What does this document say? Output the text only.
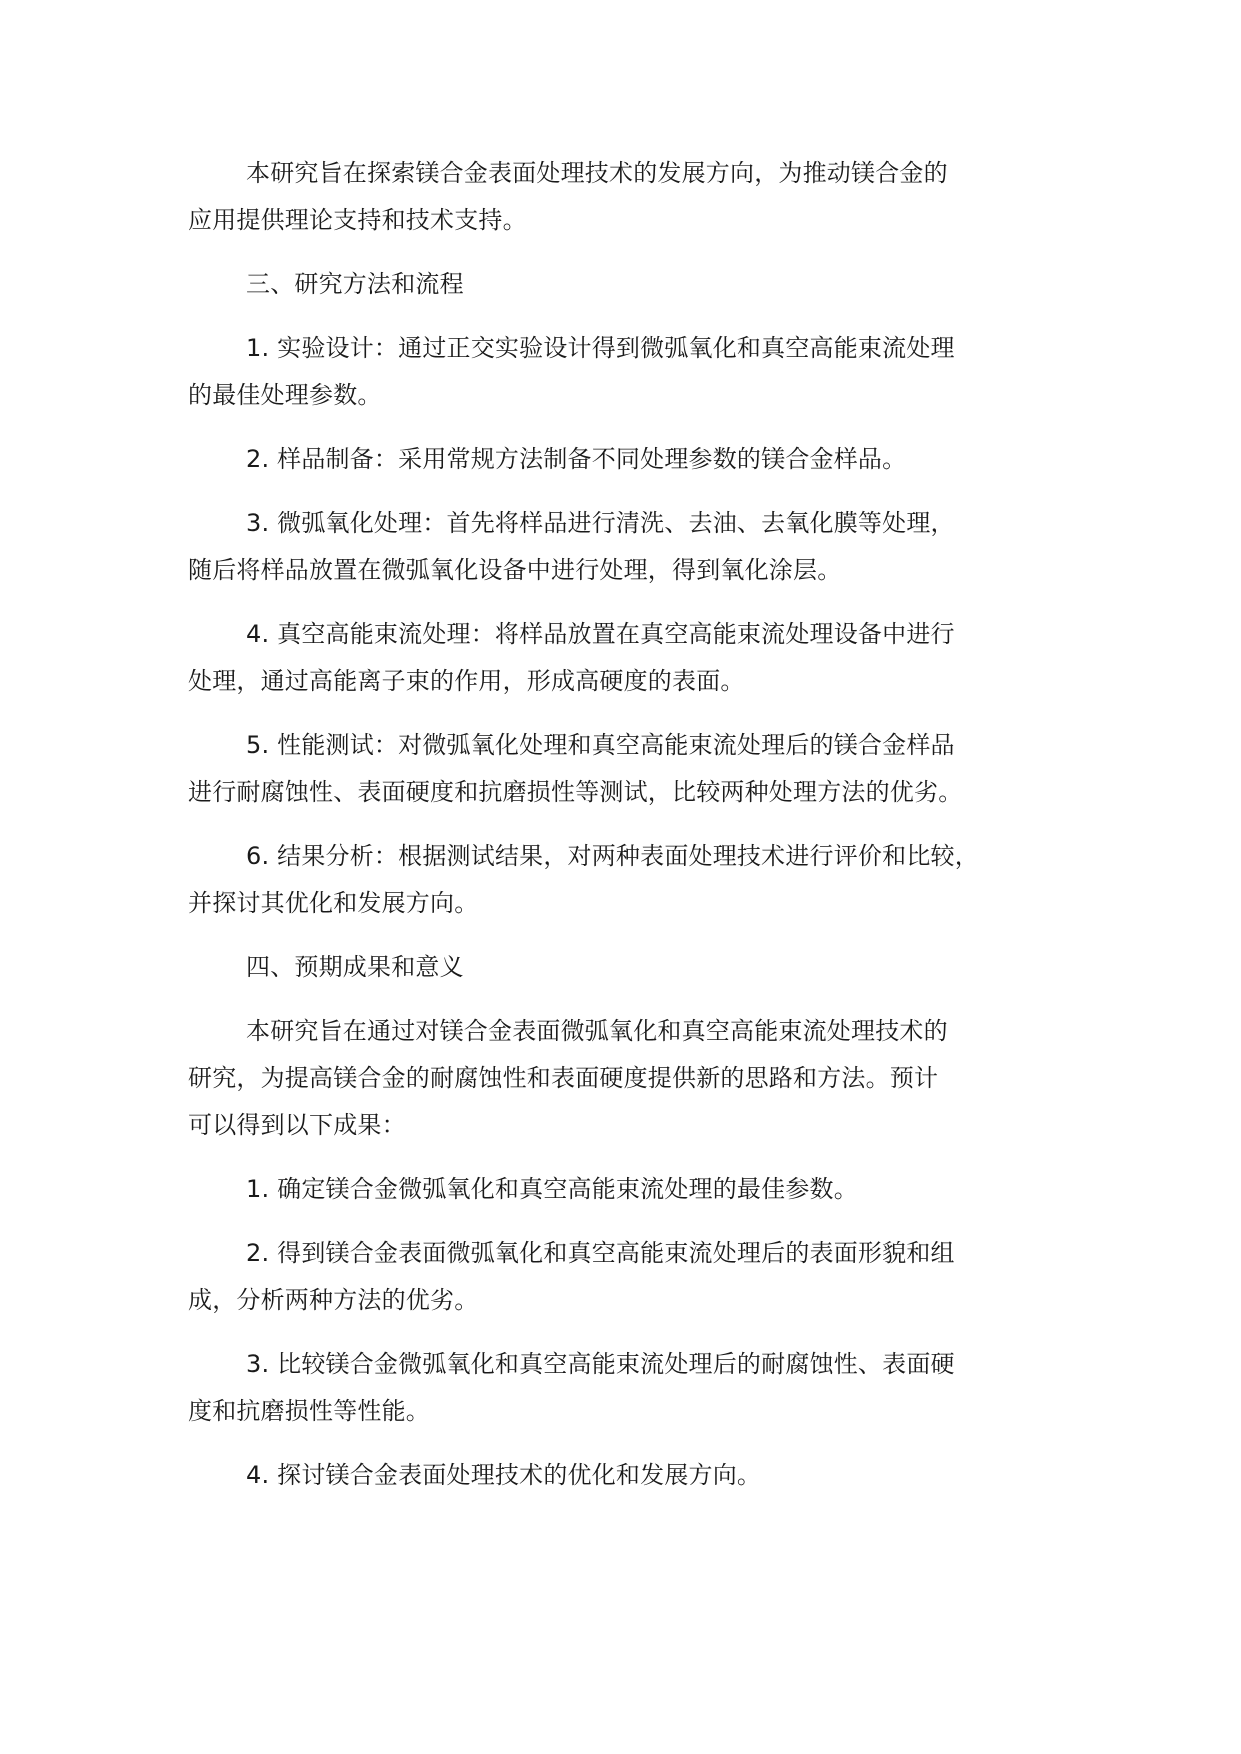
本研究旨在探索镁合金表面处理技术的发展方向，为推动镁合金的
应用提供理论支持和技术支持。

三、研究方法和流程

1. 实验设计：通过正交实验设计得到微弧氧化和真空高能束流处理
的最佳处理参数。

2. 样品制备：采用常规方法制备不同处理参数的镁合金样品。

3. 微弧氧化处理：首先将样品进行清洗、去油、去氧化膜等处理，
随后将样品放置在微弧氧化设备中进行处理，得到氧化涂层。

4. 真空高能束流处理：将样品放置在真空高能束流处理设备中进行
处理，通过高能离子束的作用，形成高硬度的表面。

5. 性能测试：对微弧氧化处理和真空高能束流处理后的镁合金样品
进行耐腐蚀性、表面硬度和抗磨损性等测试，比较两种处理方法的优劣。

6. 结果分析：根据测试结果，对两种表面处理技术进行评价和比较，
并探讨其优化和发展方向。

四、预期成果和意义

本研究旨在通过对镁合金表面微弧氧化和真空高能束流处理技术的
研究，为提高镁合金的耐腐蚀性和表面硬度提供新的思路和方法。预计
可以得到以下成果：

1. 确定镁合金微弧氧化和真空高能束流处理的最佳参数。

2. 得到镁合金表面微弧氧化和真空高能束流处理后的表面形貌和组
成，分析两种方法的优劣。

3. 比较镁合金微弧氧化和真空高能束流处理后的耐腐蚀性、表面硬
度和抗磨损性等性能。

4. 探讨镁合金表面处理技术的优化和发展方向。
